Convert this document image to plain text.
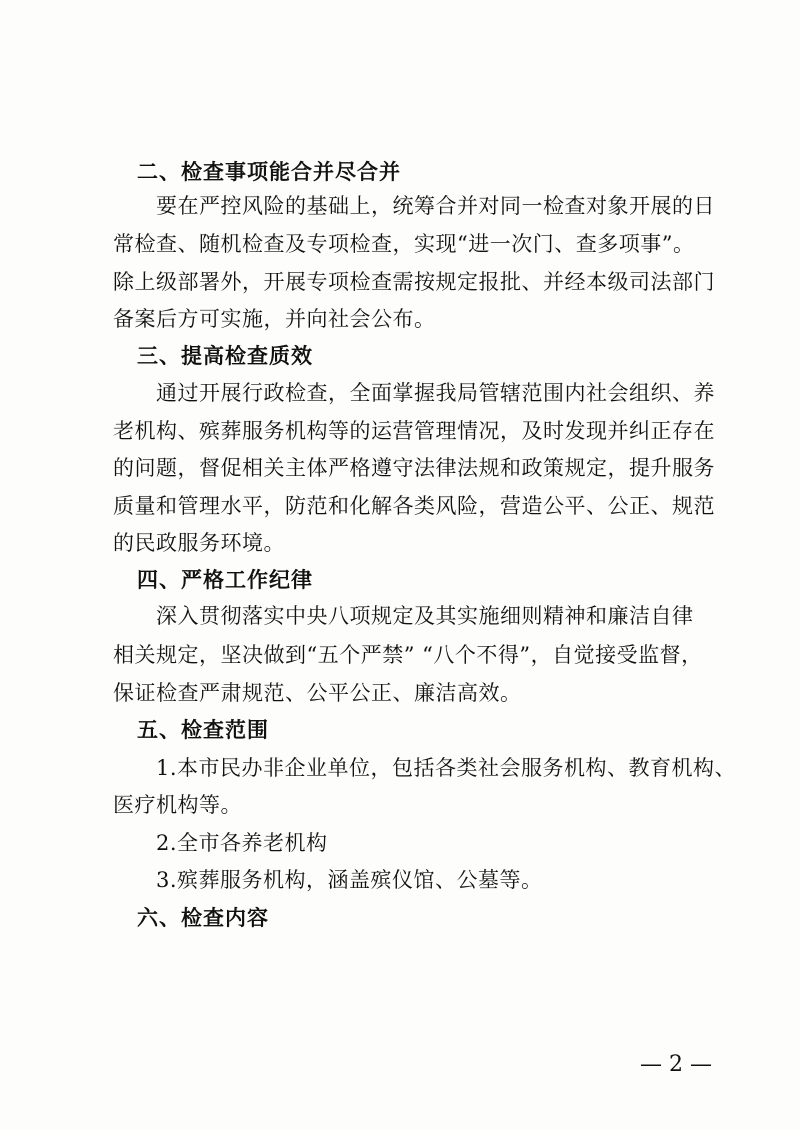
二、检查事项能合并尽合并
要在严控风险的基础上，统筹合并对同一检查对象开展的日
常检查、随机检查及专项检查，实现“进一次门、查多项事”。
除上级部署外，开展专项检查需按规定报批、并经本级司法部门
备案后方可实施，并向社会公布。
三、提高检查质效
通过开展行政检查，全面掌握我局管辖范围内社会组织、养
老机构、殡葬服务机构等的运营管理情况，及时发现并纠正存在
的问题，督促相关主体严格遵守法律法规和政策规定，提升服务
质量和管理水平，防范和化解各类风险，营造公平、公正、规范
的民政服务环境。
四、严格工作纪律
深入贯彻落实中央八项规定及其实施细则精神和廉洁自律
相关规定，坚决做到“五个严禁” “八个不得”，自觉接受监督，
保证检查严肃规范、公平公正、廉洁高效。
五、检查范围
1.本市民办非企业单位，包括各类社会服务机构、教育机构、
医疗机构等。
2.全市各养老机构
3.殡葬服务机构，涵盖殡仪馆、公墓等。
六、检查内容
— 2 —
